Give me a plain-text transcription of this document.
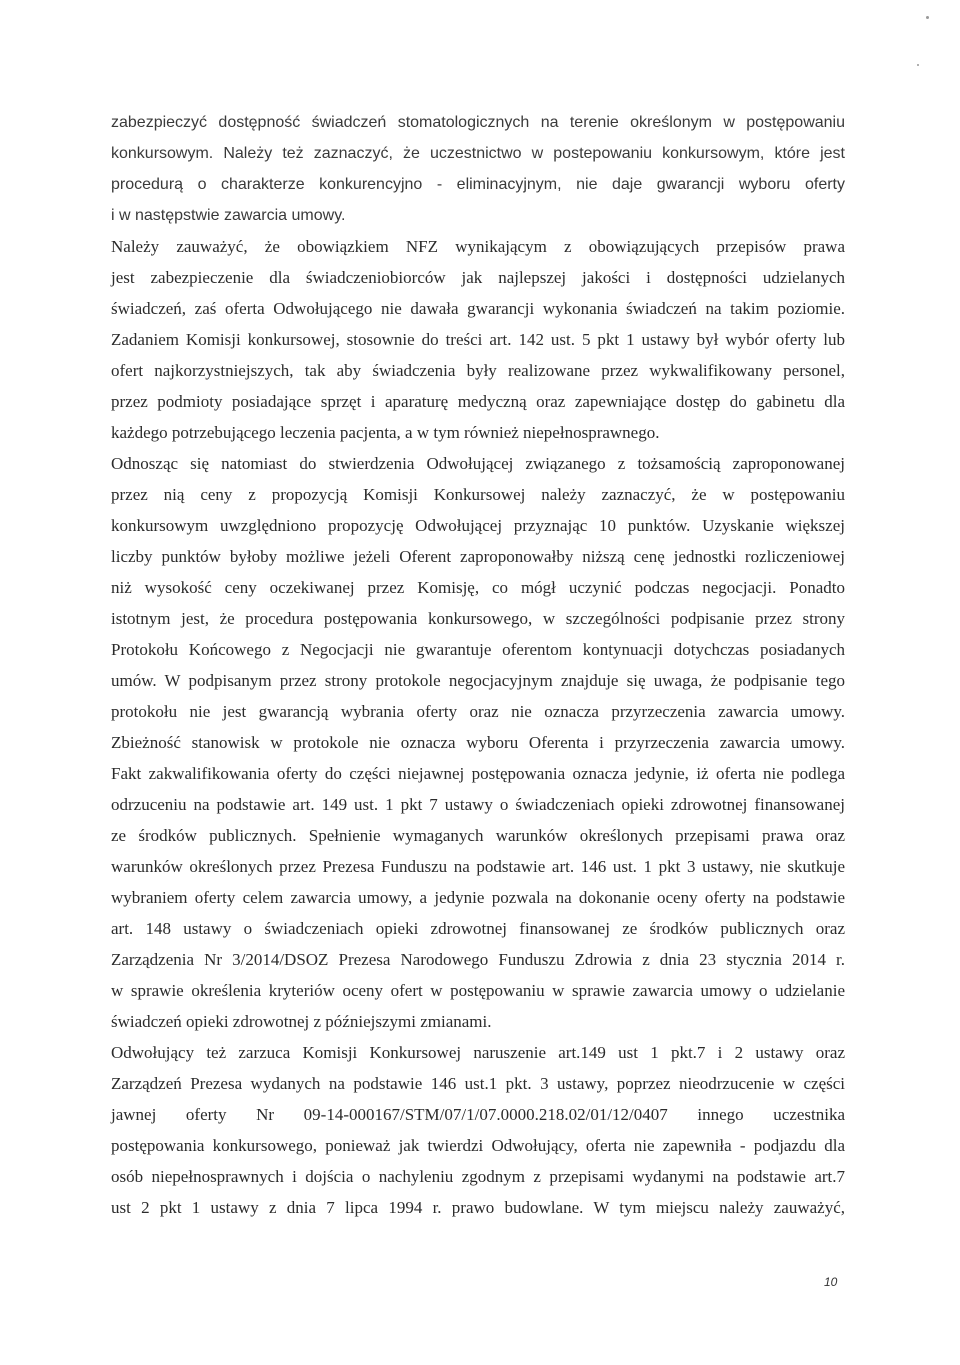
zabezpieczyć dostępność świadczeń stomatologicznych na terenie określonym w postępowaniu
konkursowym. Należy też zaznaczyć, że uczestnictwo w postepowaniu konkursowym, które jest
procedurą o charakterze konkurencyjno - eliminacyjnym, nie daje gwarancji wyboru oferty
i w następstwie zawarcia umowy.
Należy zauważyć, że obowiązkiem NFZ wynikającym z obowiązujących przepisów prawa
jest zabezpieczenie dla świadczeniobiorców jak najlepszej jakości i dostępności udzielanych
świadczeń, zaś oferta Odwołującego nie dawała gwarancji wykonania świadczeń na takim poziomie.
Zadaniem Komisji konkursowej, stosownie do treści art. 142 ust. 5 pkt 1 ustawy był wybór oferty lub
ofert najkorzystniejszych, tak aby świadczenia były realizowane przez wykwalifikowany personel,
przez podmioty posiadające sprzęt i aparaturę medyczną oraz zapewniające dostęp do gabinetu dla
każdego potrzebującego leczenia pacjenta, a w tym również niepełnosprawnego.
Odnosząc się natomiast do stwierdzenia Odwołującej związanego z tożsamością zaproponowanej
przez nią ceny z propozycją Komisji Konkursowej należy zaznaczyć, że w postępowaniu
konkursowym uwzględniono propozycję Odwołującej przyznając 10 punktów. Uzyskanie większej
liczby punktów byłoby możliwe jeżeli Oferent zaproponowałby niższą cenę jednostki rozliczeniowej
niż wysokość ceny oczekiwanej przez Komisję, co mógł uczynić podczas negocjacji. Ponadto
istotnym jest, że procedura postępowania konkursowego, w szczególności podpisanie przez strony
Protokołu Końcowego z Negocjacji nie gwarantuje oferentom kontynuacji dotychczas posiadanych
umów. W podpisanym przez strony protokole negocjacyjnym znajduje się uwaga, że podpisanie tego
protokołu nie jest gwarancją wybrania oferty oraz nie oznacza przyrzeczenia zawarcia umowy.
Zbieżność stanowisk w protokole nie oznacza wyboru Oferenta i przyrzeczenia zawarcia umowy.
Fakt zakwalifikowania oferty do części niejawnej postępowania oznacza jedynie, iż oferta nie podlega
odrzuceniu na podstawie art. 149 ust. 1 pkt 7 ustawy o świadczeniach opieki zdrowotnej finansowanej
ze środków publicznych. Spełnienie wymaganych warunków określonych przepisami prawa oraz
warunków określonych przez Prezesa Funduszu na podstawie art. 146 ust. 1 pkt 3 ustawy, nie skutkuje
wybraniem oferty celem zawarcia umowy, a jedynie pozwala na dokonanie oceny oferty na podstawie
art. 148 ustawy o świadczeniach opieki zdrowotnej finansowanej ze środków publicznych oraz
Zarządzenia Nr 3/2014/DSOZ Prezesa Narodowego Funduszu Zdrowia z dnia 23 stycznia 2014 r.
w sprawie określenia kryteriów oceny ofert w postępowaniu w sprawie zawarcia umowy o udzielanie
świadczeń opieki zdrowotnej z późniejszymi zmianami.
Odwołujący też zarzuca Komisji Konkursowej naruszenie art.149 ust 1 pkt.7 i 2 ustawy oraz
Zarządzeń Prezesa wydanych na podstawie 146 ust.1 pkt. 3 ustawy, poprzez nieodrzucenie w części
jawnej oferty Nr 09-14-000167/STM/07/1/07.0000.218.02/01/12/0407 innego uczestnika
postępowania konkursowego, ponieważ jak twierdzi Odwołujący, oferta nie zapewniła - podjazdu dla
osób niepełnosprawnych i dojścia o nachyleniu zgodnym z przepisami wydanymi na podstawie art.7
ust 2 pkt 1 ustawy z dnia 7 lipca 1994 r. prawo budowlane. W tym miejscu należy zauważyć,
10
